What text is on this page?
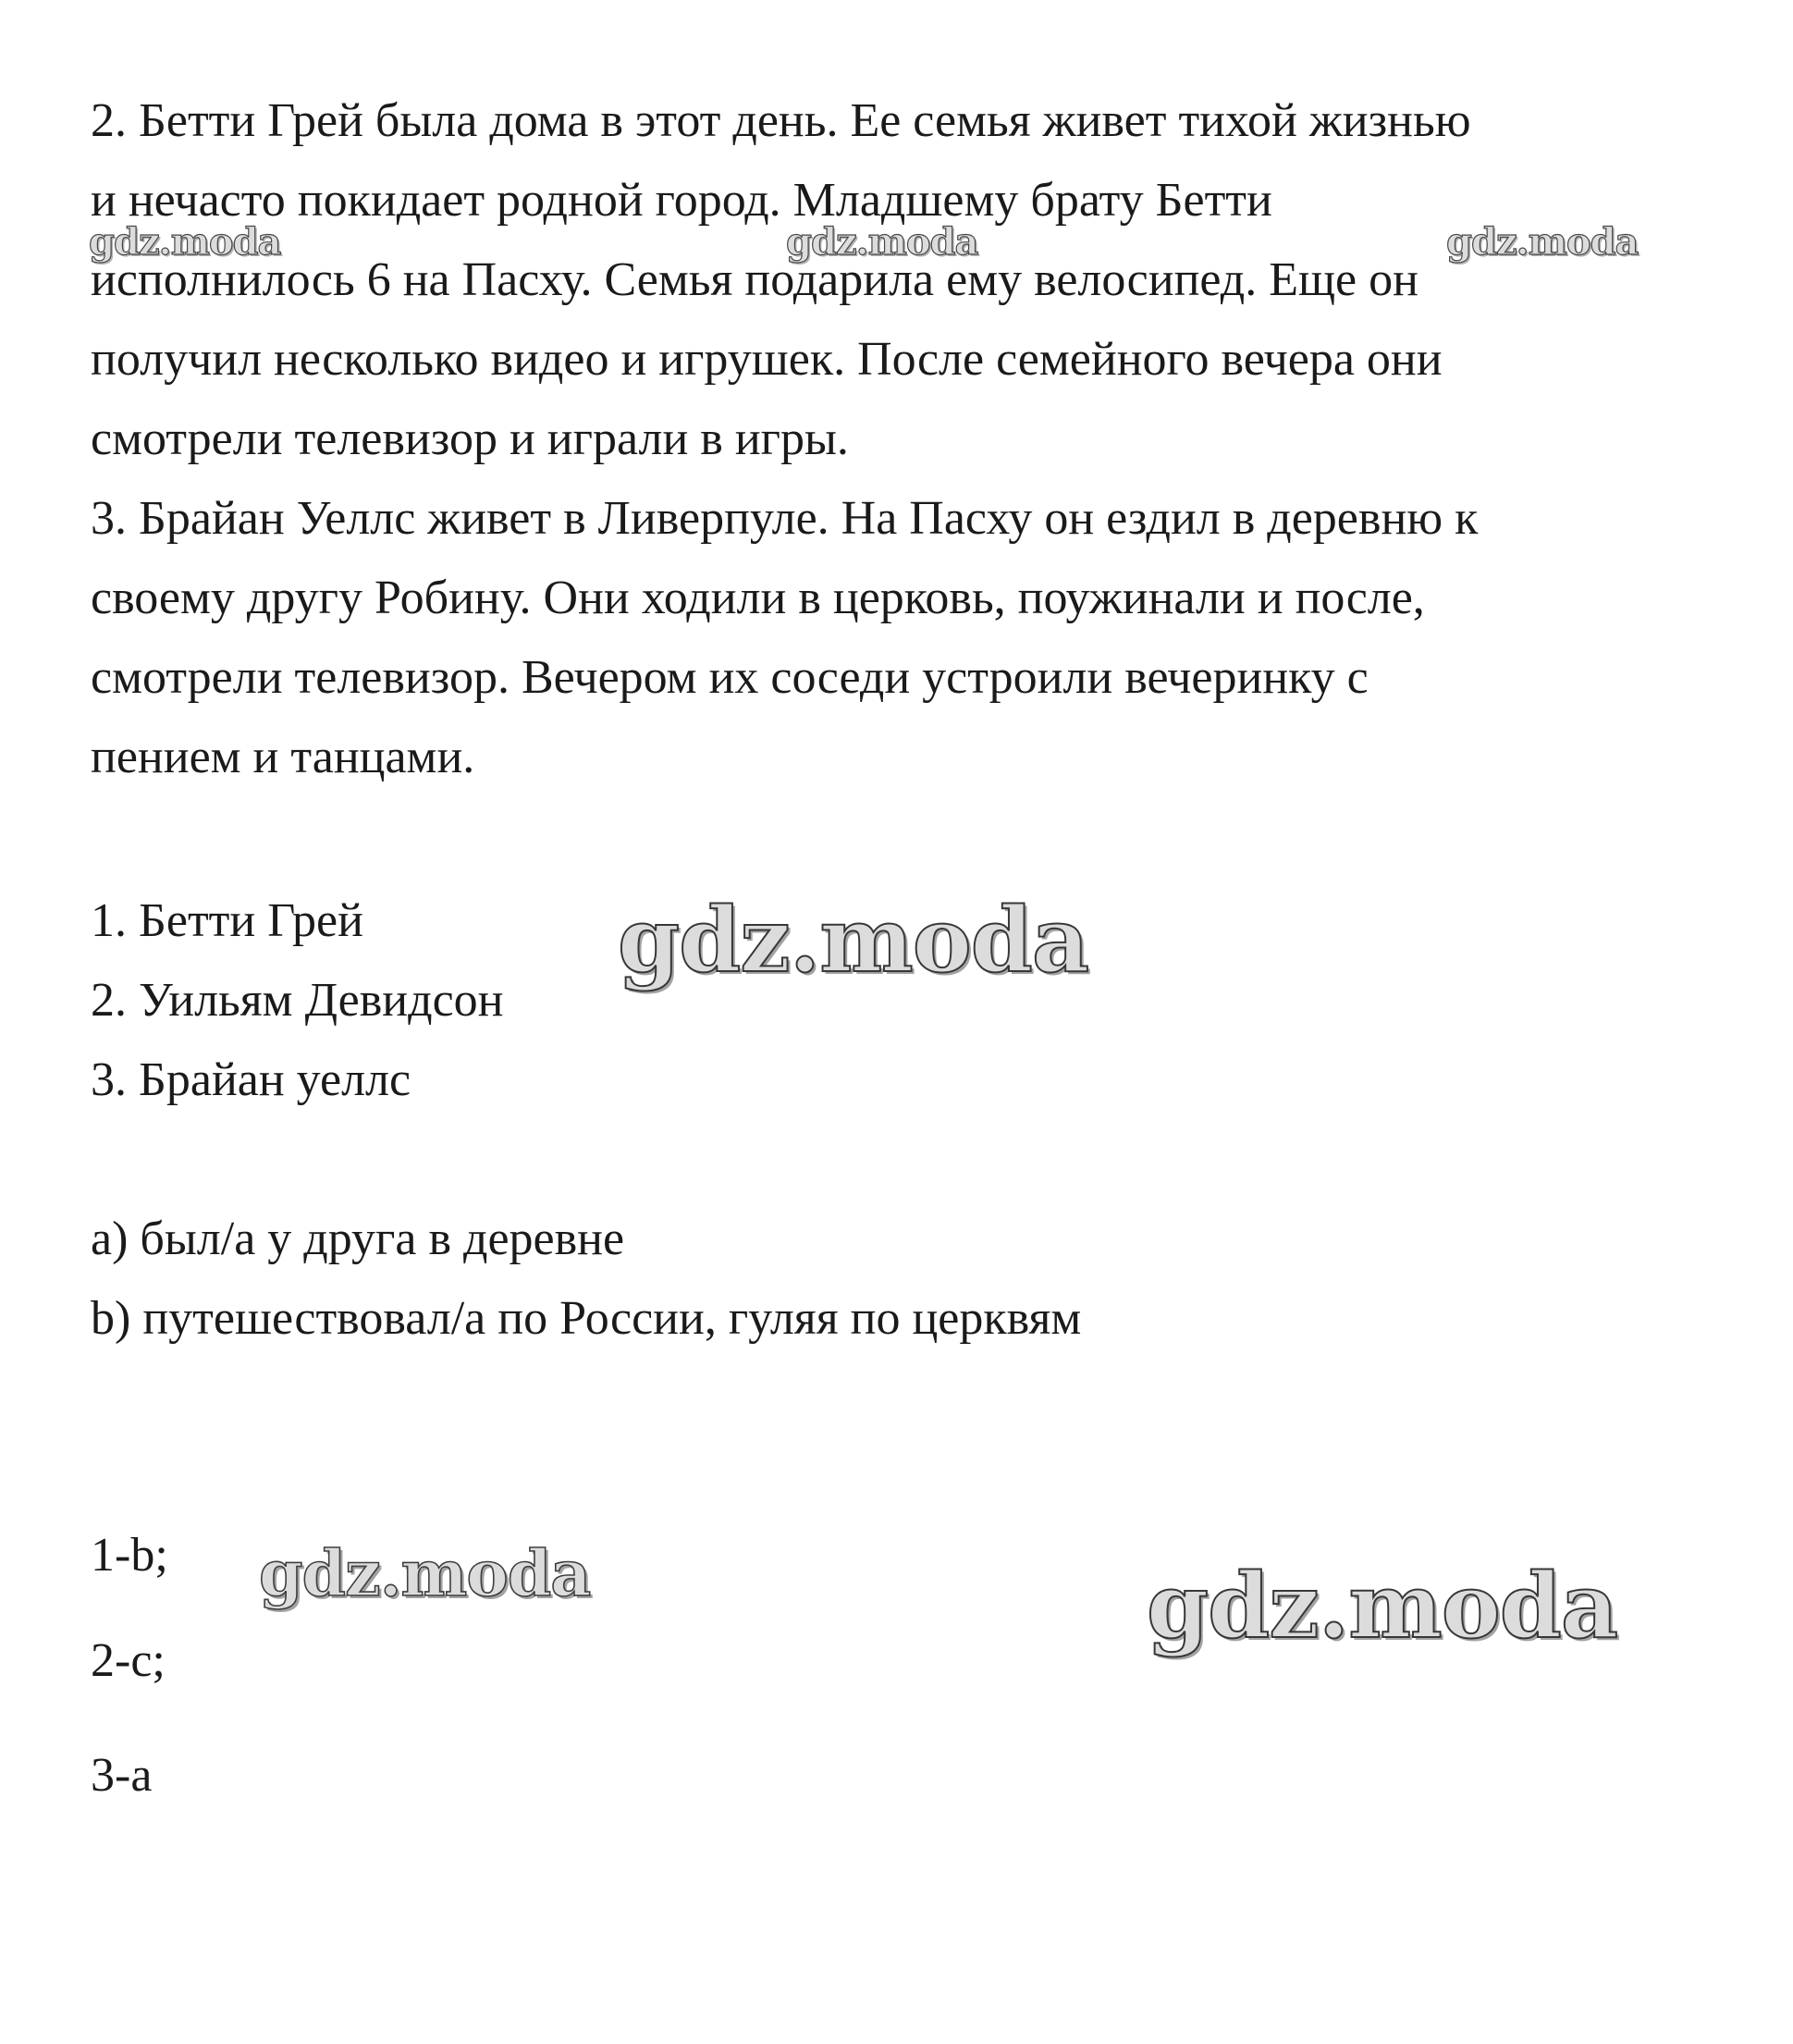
2. Бетти Грей была дома в этот день. Ее семья живет тихой жизнью
и нечасто покидает родной город. Младшему брату Бетти
исполнилось 6 на Пасху. Семья подарила ему велосипед. Еще он
получил несколько видео и игрушек. После семейного вечера они
смотрели телевизор и играли в игры.
3. Брайан Уеллс живет в Ливерпуле. На Пасху он ездил в деревню к
своему другу Робину. Они ходили в церковь, поужинали и после,
смотрели телевизор. Вечером их соседи устроили вечеринку с
пением и танцами.
1. Бетти Грей
2. Уильям Девидсон
3. Брайан уеллс
a) был/а у друга в деревне
b) путешествовал/а по России, гуляя по церквям
1-b;
2-c;
3-a
gdz.moda	gdz.moda	gdz.moda
gdz.moda
gdz.moda	gdz.moda
